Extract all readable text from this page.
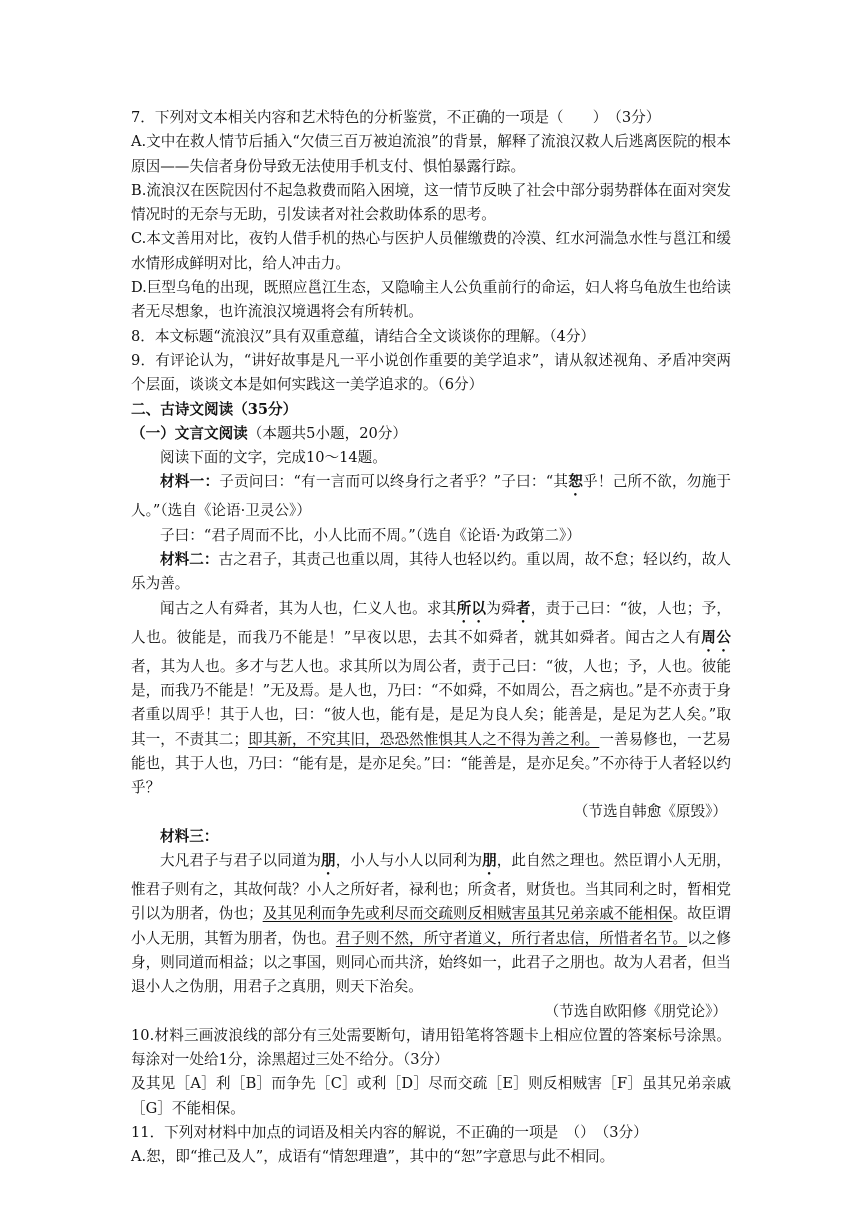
7．下列对文本相关内容和艺术特色的分析鉴赏，不正确的一项是（　　）　（3分）

A.文中在救人情节后插入“欠债三百万被迫流浪”的背景，解释了流浪汉救人后逃离医院的根本原因——失信者身份导致无法使用手机支付、惧怕暴露行踪。

B.流浪汉在医院因付不起急救费而陷入困境，这一情节反映了社会中部分弱势群体在面对突发情况时的无奈与无助，引发读者对社会救助体系的思考。

C.本文善用对比，夜钓人借手机的热心与医护人员催缴费的冷漠、红水河湍急水性与邕江和缓水情形成鲜明对比，给人冲击力。

D.巨型乌龟的出现，既照应邕江生态，又隐喻主人公负重前行的命运，妇人将乌龟放生也给读者无尽想象，也许流浪汉境遇将会有所转机。

8．本文标题“流浪汉”具有双重意蕴，请结合全文谈谈你的理解。（4分）

9．有评论认为，“讲好故事是凡一平小说创作重要的美学追求”，请从叙述视角、矛盾冲突两个层面，谈谈文本是如何实践这一美学追求的。（6分）

二、古诗文阅读（35分）

（一）文言文阅读（本题共5小题，20分）

阅读下面的文字，完成10～14题。

材料一：子贡问曰：“有一言而可以终身行之者乎？”子曰：“其恕乎！己所不欲，勿施于人。”（选自《论语·卫灵公》）

子曰：“君子周而不比，小人比而不周。”（选自《论语·为政第二》）

材料二：古之君子，其责己也重以周，其待人也轻以约。重以周，故不怠；轻以约，故人乐为善。

闻古之人有舜者，其为人也，仁义人也。求其所以为舜者，责于己曰：“彼，人也；予，人也。彼能是，而我乃不能是！”早夜以思，去其不如舜者，就其如舜者。闻古之人有周公者，其为人也。多才与艺人也。求其所以为周公者，责于己曰：“彼，人也；予，人也。彼能是，而我乃不能是！”无及焉。是人也，乃曰：“不如舜，不如周公，吾之病也。”是不亦责于身者重以周乎！其于人也，曰：“彼人也，能有是，是足为良人矣；能善是，是足为艺人矣。”取其一，不责其二；即其新，不究其旧，恐恐然惟惧其人之不得为善之利。一善易修也，一艺易能也，其于人也，乃曰：“能有是，是亦足矣。”曰：“能善是，是亦足矣。”不亦待于人者轻以约乎？

（节选自韩愈《原毁》）

材料三：

大凡君子与君子以同道为朋，小人与小人以同利为朋，此自然之理也。然臣谓小人无朋，惟君子则有之，其故何哉？小人之所好者，禄利也；所贪者，财货也。当其同利之时，暂相党引以为朋者，伪也；及其见利而争先或利尽而交疏则反相贼害虽其兄弟亲戚不能相保。故臣谓小人无朋，其暂为朋者，伪也。君子则不然，所守者道义，所行者忠信，所惜者名节。以之修身，则同道而相益；以之事国，则同心而共济，始终如一，此君子之朋也。故为人君者，但当退小人之伪朋，用君子之真朋，则天下治矣。

（节选自欧阳修《朋党论》）

10.材料三画波浪线的部分有三处需要断句，请用铅笔将答题卡上相应位置的答案标号涂黑。每涂对一处给1分，涂黑超过三处不给分。（3分）

及其见［A］利［B］而争先［C］或利［D］尽而交疏［E］则反相贼害［F］虽其兄弟亲戚［G］不能相保。

11．下列对材料中加点的词语及相关内容的解说，不正确的一项是　（）　（3分）

A.恕，即“推己及人”，成语有“情恕理遣”，其中的“恕”字意思与此不相同。
